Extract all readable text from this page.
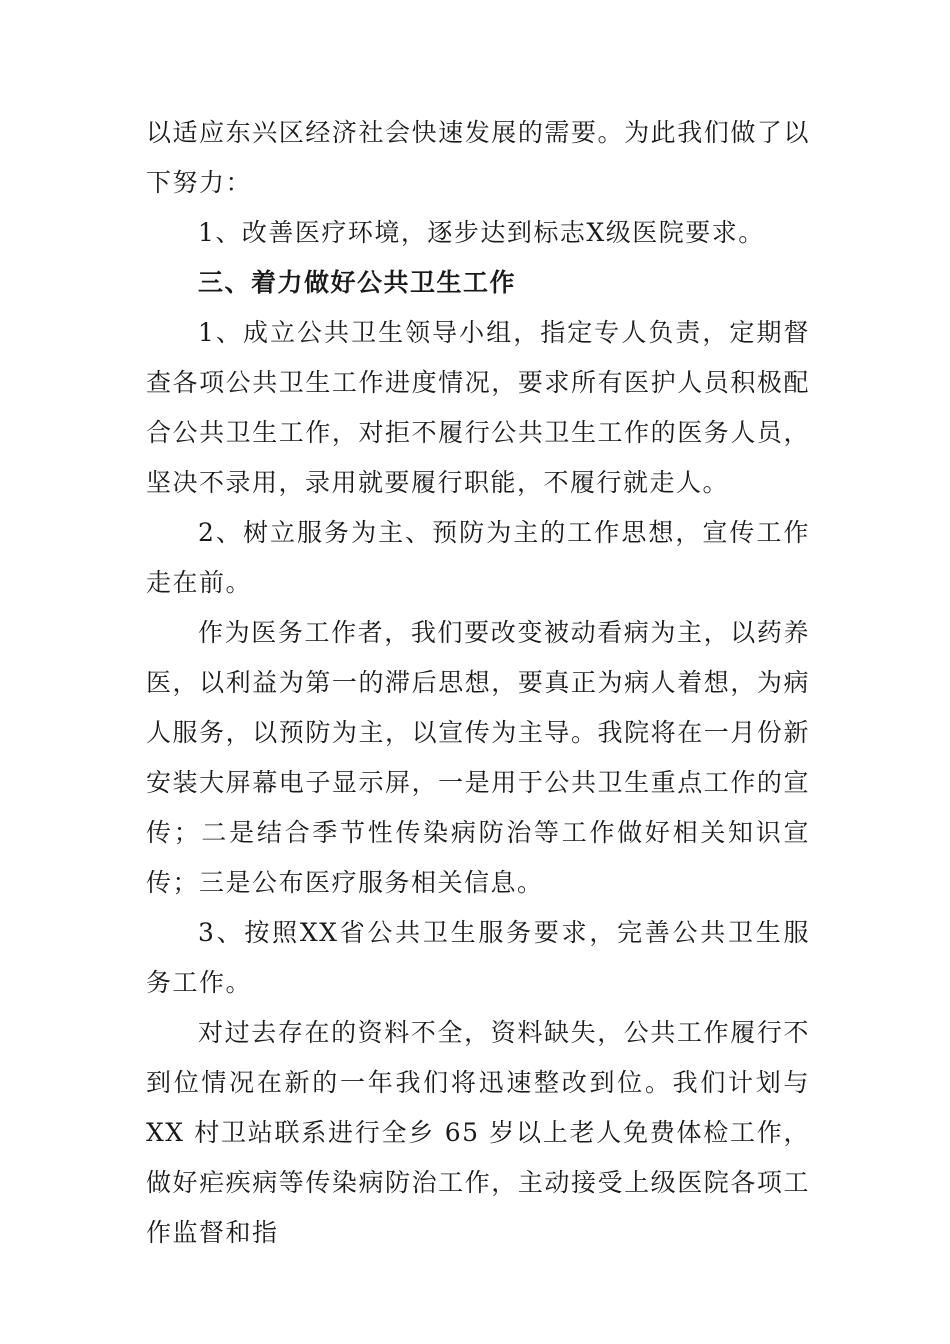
以适应东兴区经济社会快速发展的需要。为此我们做了以下努力：

1、改善医疗环境，逐步达到标志X级医院要求。

三、着力做好公共卫生工作

1、成立公共卫生领导小组，指定专人负责，定期督查各项公共卫生工作进度情况，要求所有医护人员积极配合公共卫生工作，对拒不履行公共卫生工作的医务人员，坚决不录用，录用就要履行职能，不履行就走人。

2、树立服务为主、预防为主的工作思想，宣传工作走在前。

作为医务工作者，我们要改变被动看病为主，以药养医，以利益为第一的滞后思想，要真正为病人着想，为病人服务，以预防为主，以宣传为主导。我院将在一月份新安装大屏幕电子显示屏，一是用于公共卫生重点工作的宣传；二是结合季节性传染病防治等工作做好相关知识宣传；三是公布医疗服务相关信息。

3、按照XX省公共卫生服务要求，完善公共卫生服务工作。

对过去存在的资料不全，资料缺失，公共工作履行不到位情况在新的一年我们将迅速整改到位。我们计划与 XX 村卫站联系进行全乡 65 岁以上老人免费体检工作，做好疟疾病等传染病防治工作，主动接受上级医院各项工作监督和指
